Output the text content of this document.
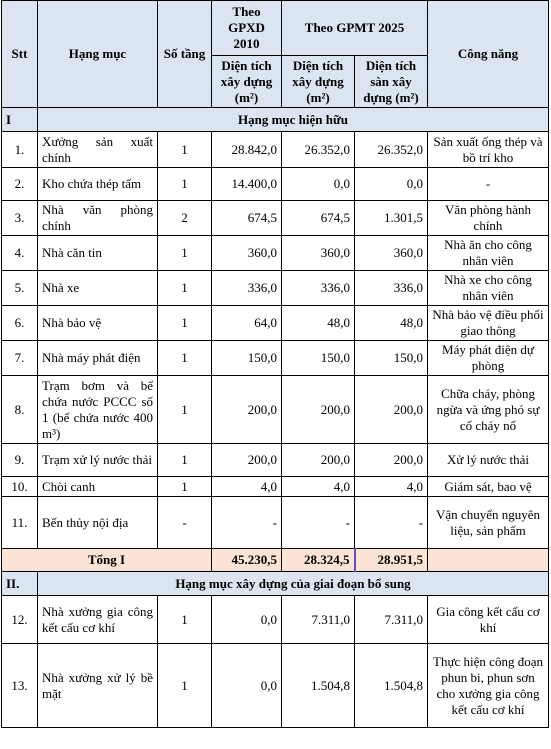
Stt	Hạng mục	Số tầng	Theo GPXD 2010	Theo GPMT 2025		Công năng
			Diện tích xây dựng (m²)	Diện tích xây dựng (m²)	Diện tích sàn xây dựng (m²)	
I	Hạng mục hiện hữu					
1.	Xưởng sản xuất chính	1	28.842,0	26.352,0	26.352,0	Sản xuất ống thép và bồ trí kho
2.	Kho chứa thép tấm	1	14.400,0	0,0	0,0	-
3.	Nhà văn phòng chính	2	674,5	674,5	1.301,5	Văn phòng hành chính
4.	Nhà căn tin	1	360,0	360,0	360,0	Nhà ăn cho công nhân viên
5.	Nhà xe	1	336,0	336,0	336,0	Nhà xe cho công nhân viên
6.	Nhà bảo vệ	1	64,0	48,0	48,0	Nhà bảo vệ điều phối giao thông
7.	Nhà máy phát điện	1	150,0	150,0	150,0	Máy phát điện dự phòng
8.	Trạm bơm và bể chứa nước PCCC số 1 (bể chứa nước 400 m³)	1	200,0	200,0	200,0	Chữa cháy, phòng ngừa và ứng phó sự cố cháy nổ
9.	Trạm xử lý nước thải	1	200,0	200,0	200,0	Xử lý nước thải
10.	Chòi canh	1	4,0	4,0	4,0	Giám sát, bao vệ
11.	Bến thủy nội địa	-	-	-	-	Vận chuyển nguyên liệu, sản phẩm
Tổng I			45.230,5	28.324,5	28.951,5	
II.	Hạng mục xây dựng của giai đoạn bổ sung					
12.	Nhà xưởng gia công kết cấu cơ khí	1	0,0	7.311,0	7.311,0	Gia công kết cấu cơ khí
13.	Nhà xưởng xử lý bề mặt	1	0,0	1.504,8	1.504,8	Thực hiện công đoạn phun bi, phun sơn cho xưởng gia công kết cấu cơ khí
